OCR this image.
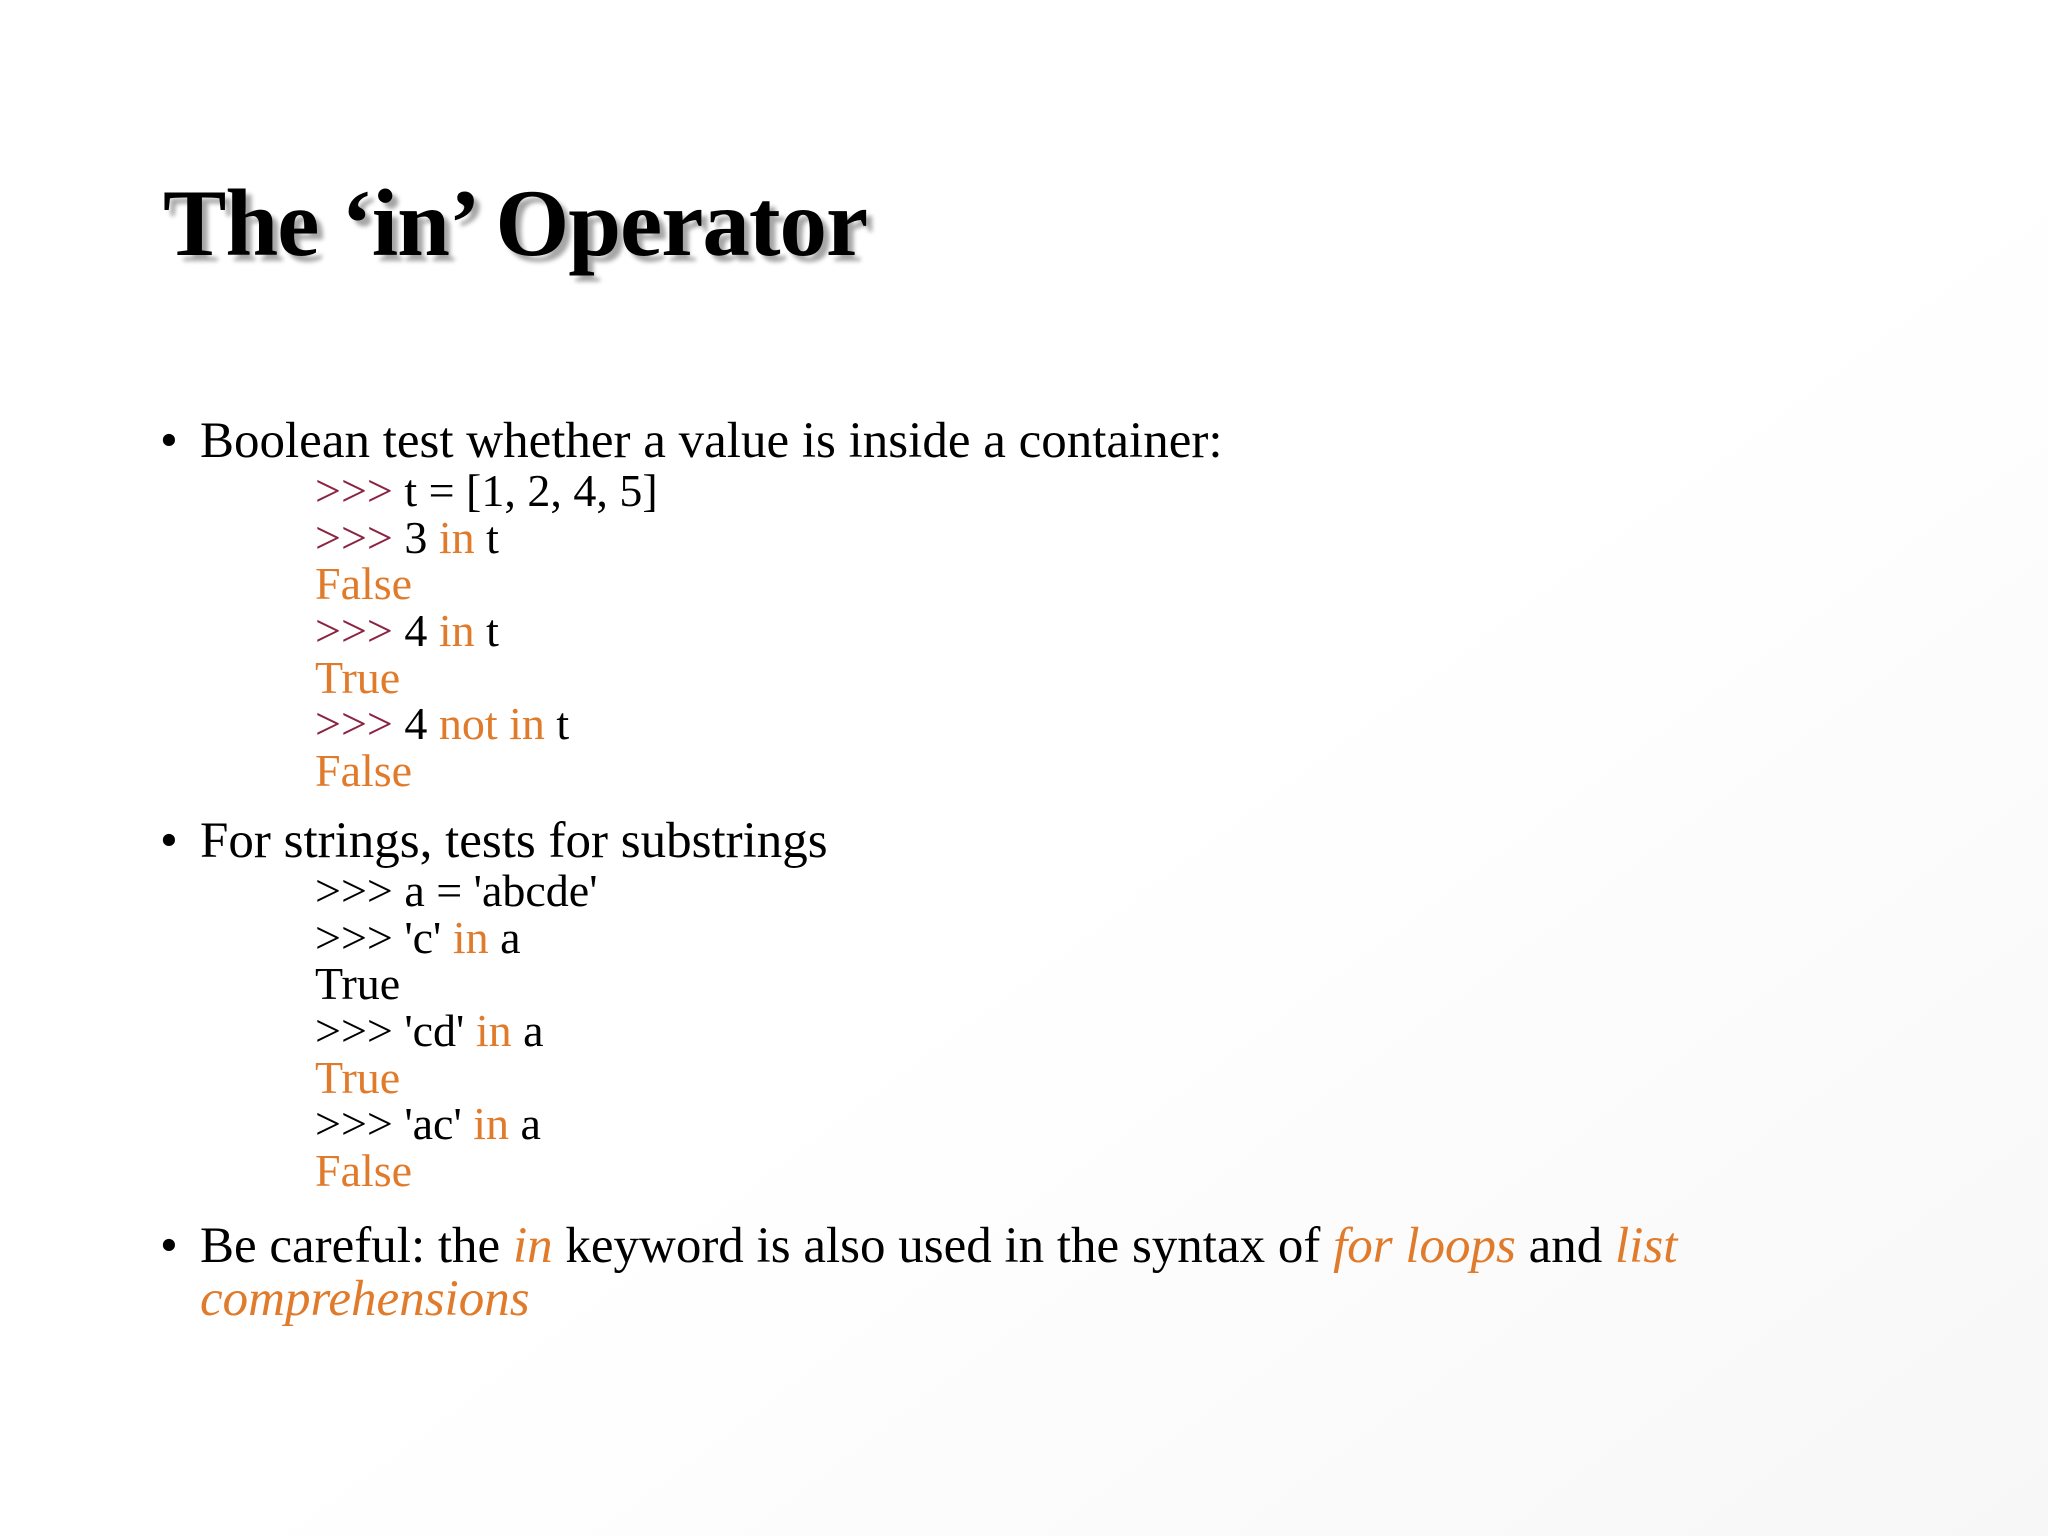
The ‘in’ Operator
• Boolean test whether a value is inside a container:
>>> t = [1, 2, 4, 5]
>>> 3 in t
False
>>> 4 in t
True
>>> 4 not in t
False
• For strings, tests for substrings
>>> a = 'abcde'
>>> 'c' in a
True
>>> 'cd' in a
True
>>> 'ac' in a
False
• Be careful: the in keyword is also used in the syntax of for loops and list
comprehensions
